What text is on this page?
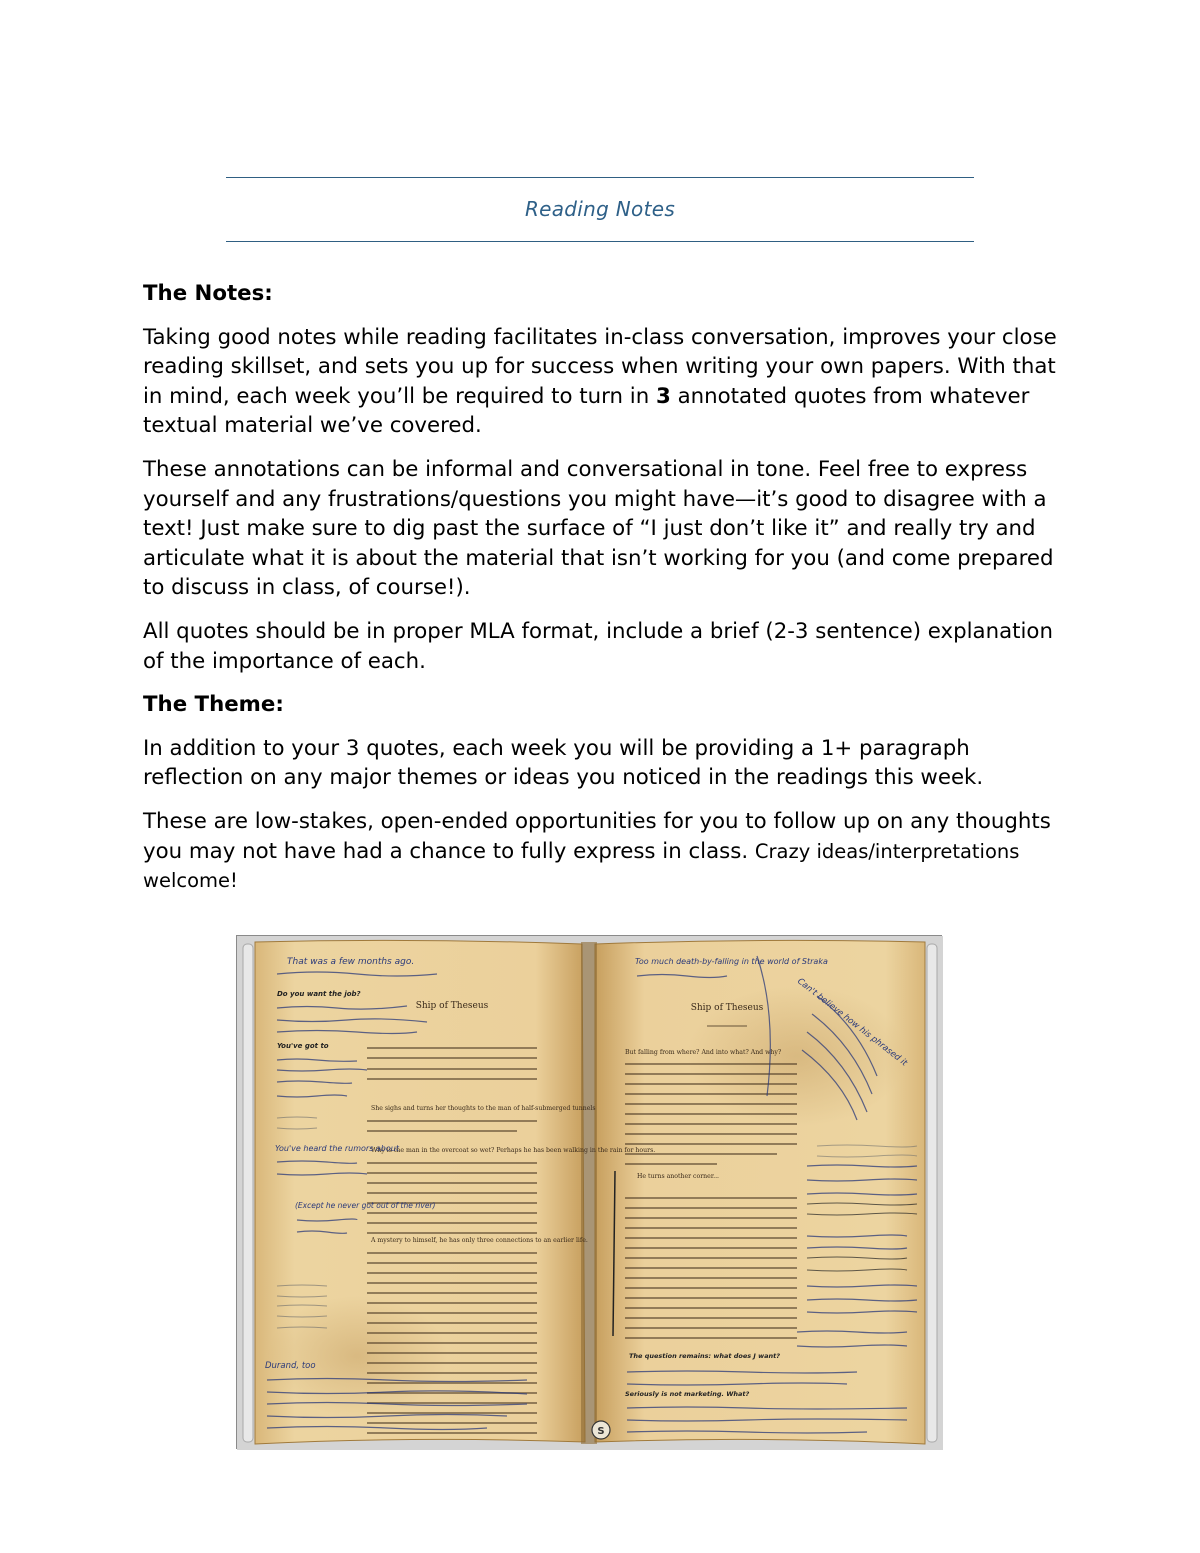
Reading Notes
The Notes:

Taking good notes while reading facilitates in-class conversation, improves your close reading skillset, and sets you up for success when writing your own papers. With that in mind, each week you’ll be required to turn in 3 annotated quotes from whatever textual material we’ve covered.

These annotations can be informal and conversational in tone. Feel free to express yourself and any frustrations/questions you might have—it’s good to disagree with a text! Just make sure to dig past the surface of “I just don’t like it” and really try and articulate what it is about the material that isn’t working for you (and come prepared to discuss in class, of course!).

All quotes should be in proper MLA format, include a brief (2-3 sentence) explanation of the importance of each.

The Theme:

In addition to your 3 quotes, each week you will be providing a 1+ paragraph reflection on any major themes or ideas you noticed in the readings this week.

These are low-stakes, open-ended opportunities for you to follow up on any thoughts you may not have had a chance to fully express in class. Crazy ideas/interpretations welcome!

Ship of Theseus	Ship of Theseus
She sighs and turns her thoughts to the man of half-submerged tunnels
Why is the man in the overcoat so wet? Perhaps he has been walking in the rain for hours.
A mystery to himself, he has only three connections to an earlier life.
But falling from where? And into what? And why?
He turns another corner...
That was a few months ago.
Do you want the job?
You've got to
You've heard the rumors about
(Except he never got out of the river)
Durand, too
Too much death-by-falling in the world of Straka
Can't believe how his phrased it
The question remains: what does J want?
Seriously is not marketing. What?
S
